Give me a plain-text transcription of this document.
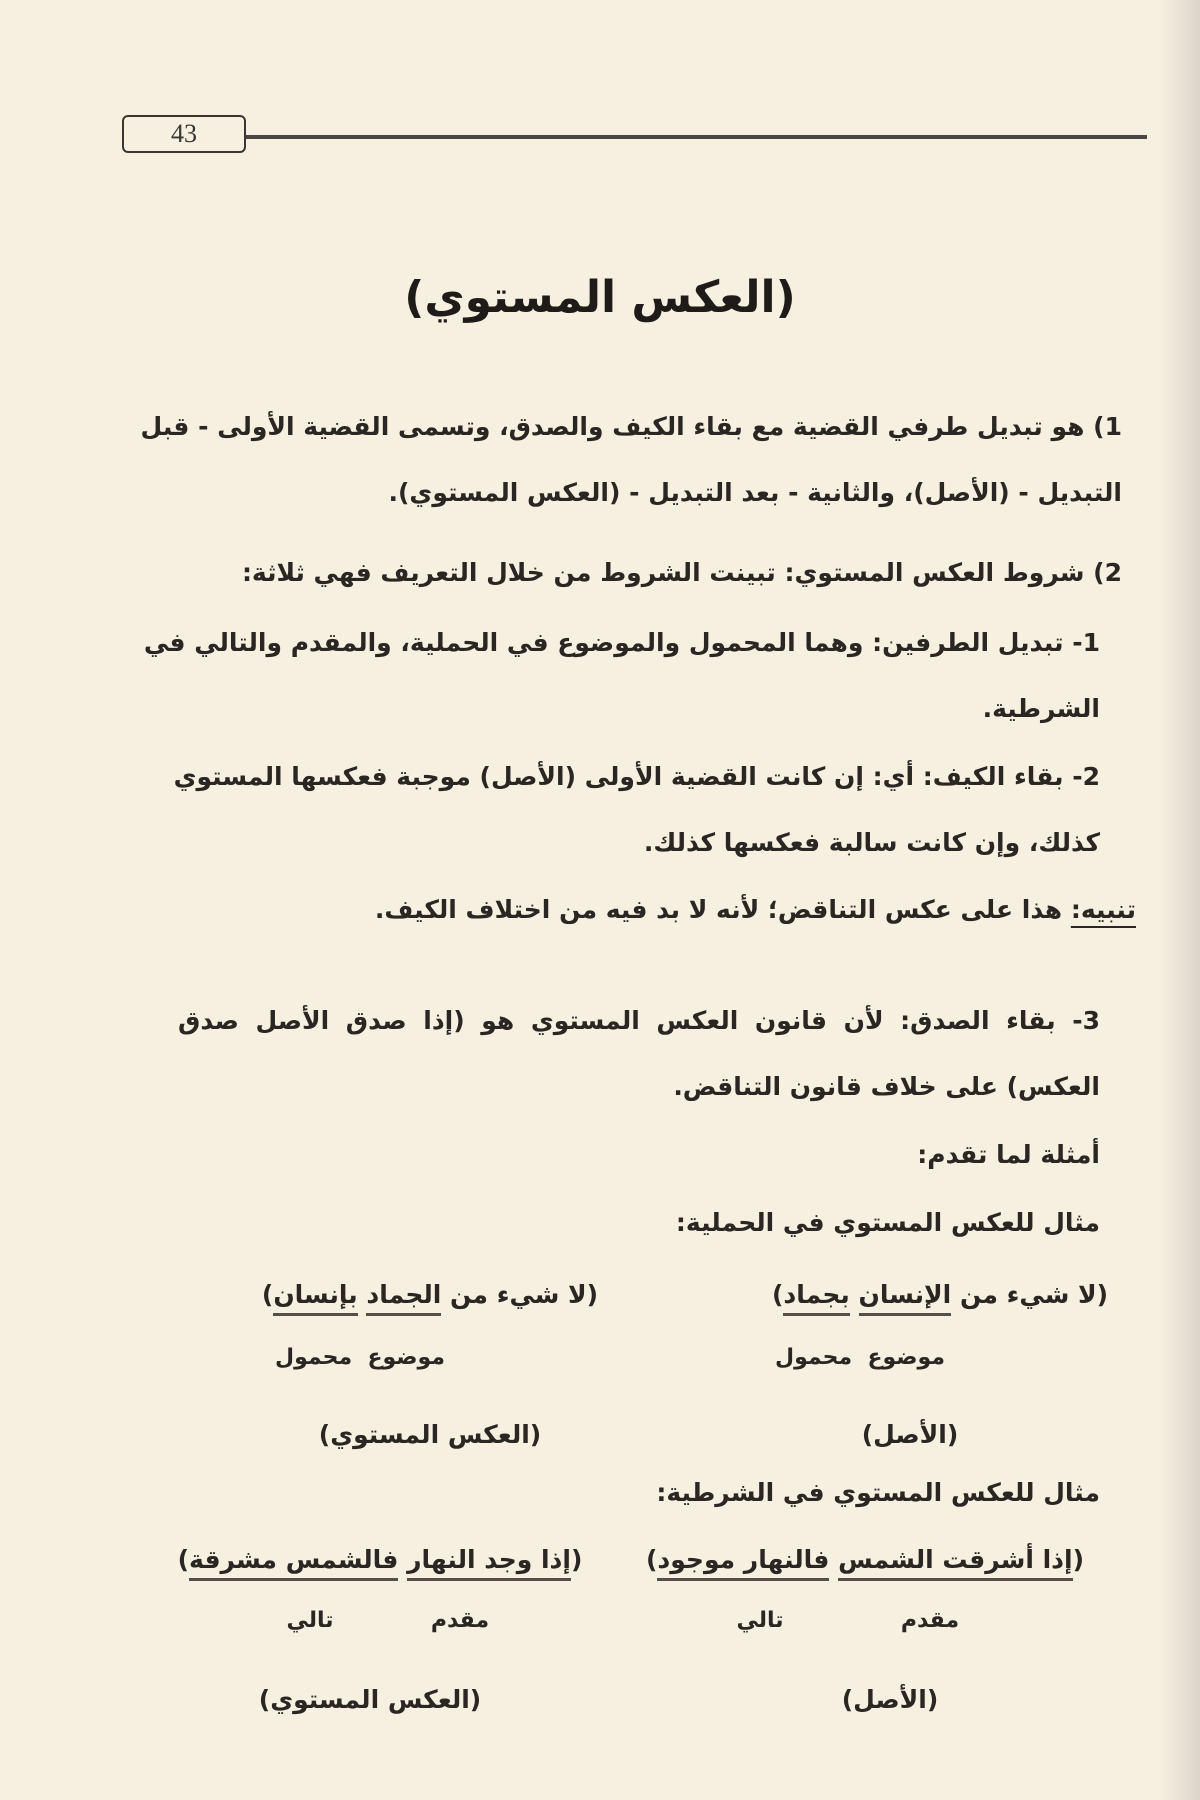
43
(العكس المستوي)
1) هو تبديل طرفي القضية مع بقاء الكيف والصدق، وتسمى القضية الأولى - قبل
التبديل - (الأصل)، والثانية - بعد التبديل - (العكس المستوي).
2) شروط العكس المستوي: تبينت الشروط من خلال التعريف فهي ثلاثة:
1- تبديل الطرفين: وهما المحمول والموضوع في الحملية، والمقدم والتالي في
الشرطية.
2- بقاء الكيف: أي: إن كانت القضية الأولى (الأصل) موجبة فعكسها المستوي
كذلك، وإن كانت سالبة فعكسها كذلك.
تنبيه: هذا على عكس التناقض؛ لأنه لا بد فيه من اختلاف الكيف.
3- بقاء الصدق: لأن قانون العكس المستوي هو (إذا صدق الأصل صدق
العكس) على خلاف قانون التناقض.
أمثلة لما تقدم:
مثال للعكس المستوي في الحملية:
(لا شيء من الإنسان بجماد)
موضوع  محمول
(الأصل)
(لا شيء من الجماد بإنسان)
موضوع  محمول
(العكس المستوي)
مثال للعكس المستوي في الشرطية:
(إذا أشرقت الشمس فالنهار موجود)
مقدم
تالي
(الأصل)
(إذا وجد النهار فالشمس مشرقة)
مقدم
تالي
(العكس المستوي)
